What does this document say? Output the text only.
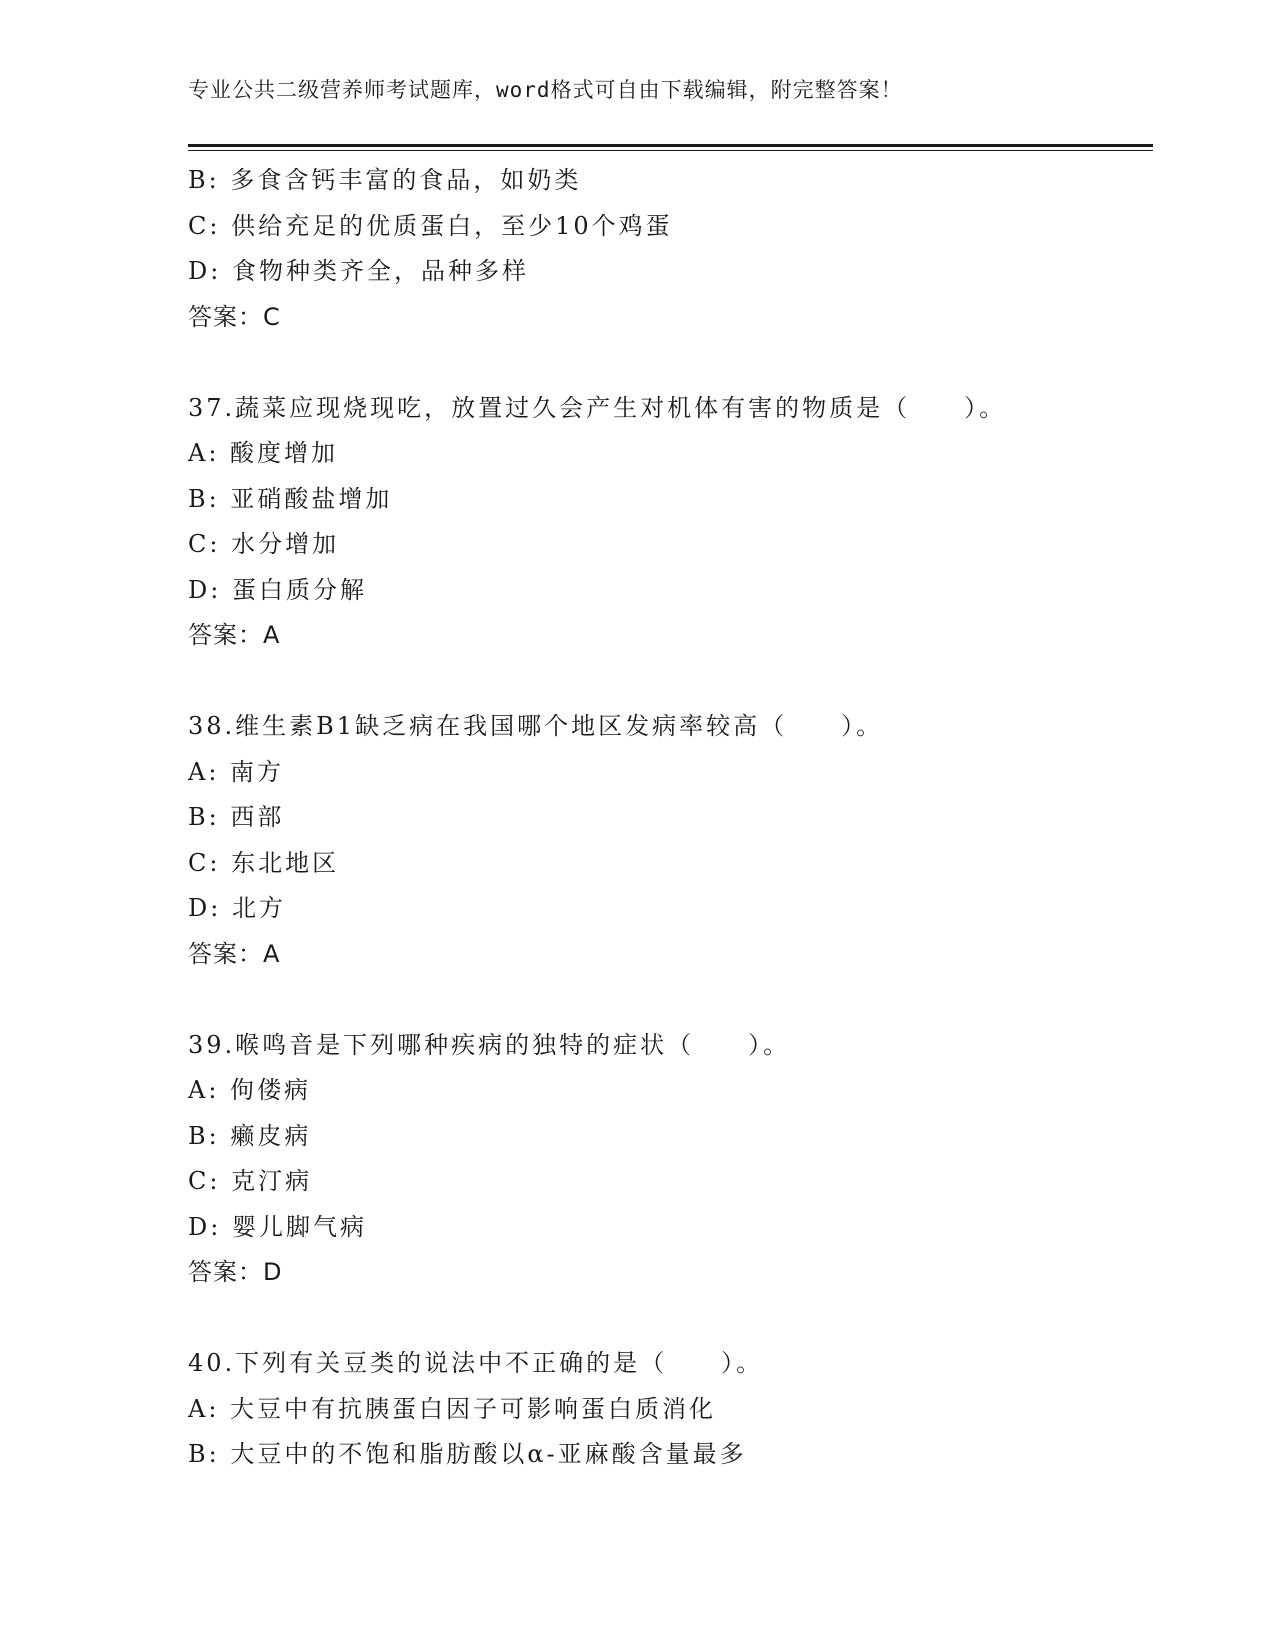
专业公共二级营养师考试题库，word格式可自由下载编辑，附完整答案！
B: 多食含钙丰富的食品，如奶类
C: 供给充足的优质蛋白，至少10个鸡蛋
D: 食物种类齐全，品种多样
答案：C
37.蔬菜应现烧现吃，放置过久会产生对机体有害的物质是（　　）。
A: 酸度增加
B: 亚硝酸盐增加
C: 水分增加
D: 蛋白质分解
答案：A
38.维生素B1缺乏病在我国哪个地区发病率较高（　　）。
A: 南方
B: 西部
C: 东北地区
D: 北方
答案：A
39.喉鸣音是下列哪种疾病的独特的症状（　　）。
A: 佝偻病
B: 癞皮病
C: 克汀病
D: 婴儿脚气病
答案：D
40.下列有关豆类的说法中不正确的是（　　）。
A: 大豆中有抗胰蛋白因子可影响蛋白质消化
B: 大豆中的不饱和脂肪酸以α-亚麻酸含量最多
